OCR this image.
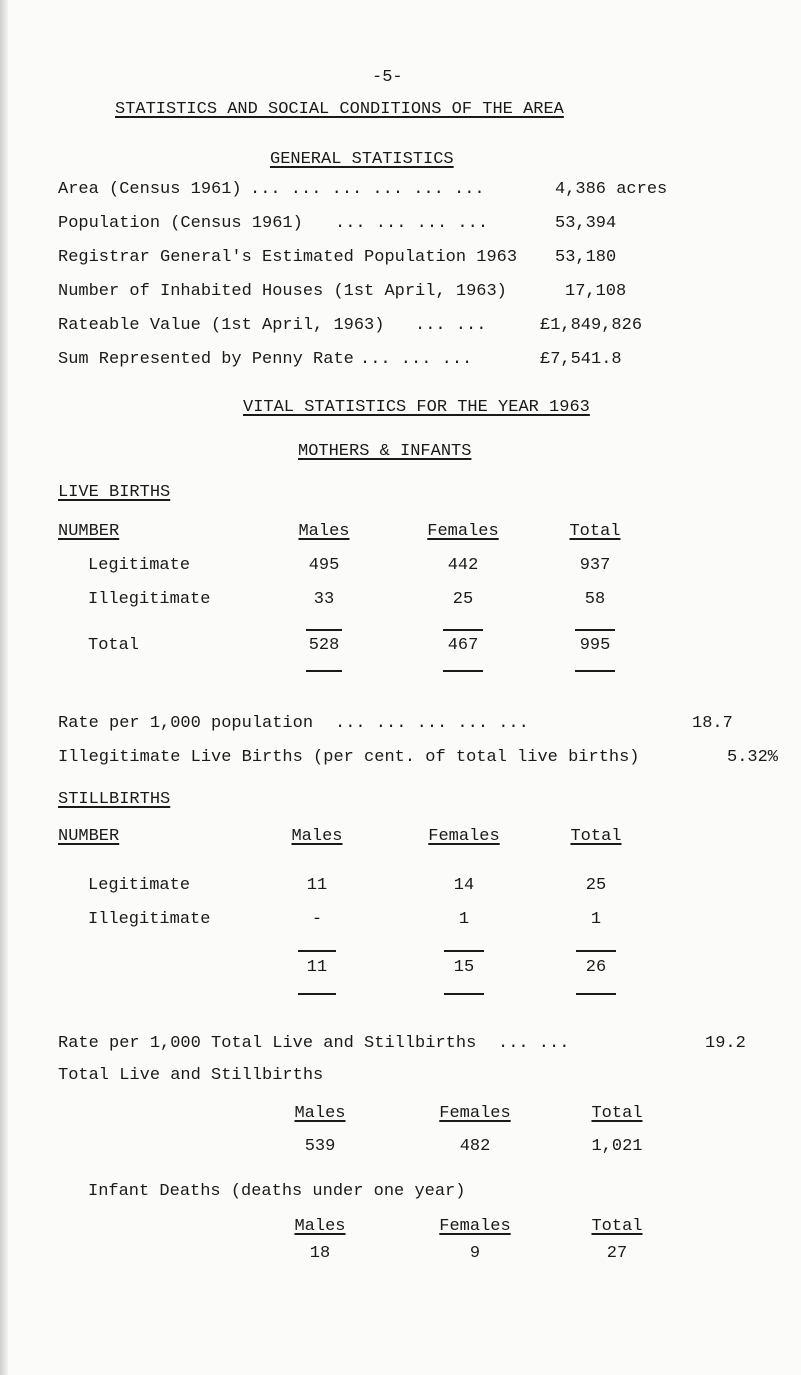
-5-
STATISTICS AND SOCIAL CONDITIONS OF THE AREA
GENERAL STATISTICS
Area (Census 1961) ... ... ... ... ... ...	4,386 acres
Population (Census 1961) ... ... ... ...	53,394
Registrar General's Estimated Population 1963 53,180
Number of Inhabited Houses (1st April, 1963)	17,108
Rateable Value (1st April, 1963) ... ...	£1,849,826
Sum Represented by Penny Rate ... ... ...	£7,541.8
VITAL STATISTICS FOR THE YEAR 1963
MOTHERS & INFANTS
LIVE BIRTHS
NUMBER	Males	Females	Total
Legitimate	495	442	937
Illegitimate	33	25	58
Total	528	467	995
Rate per 1,000 population ... ... ... ... ...	18.7
Illegitimate Live Births (per cent. of total live births)	5.32%
STILLBIRTHS
NUMBER	Males	Females	Total
Legitimate	11	14	25
Illegitimate	-	1	1
11	15	26
Rate per 1,000 Total Live and Stillbirths ... ...	19.2
Total Live and Stillbirths
Males	Females	Total
539	482	1,021
Infant Deaths (deaths under one year)
Males	Females	Total
18	9	27
